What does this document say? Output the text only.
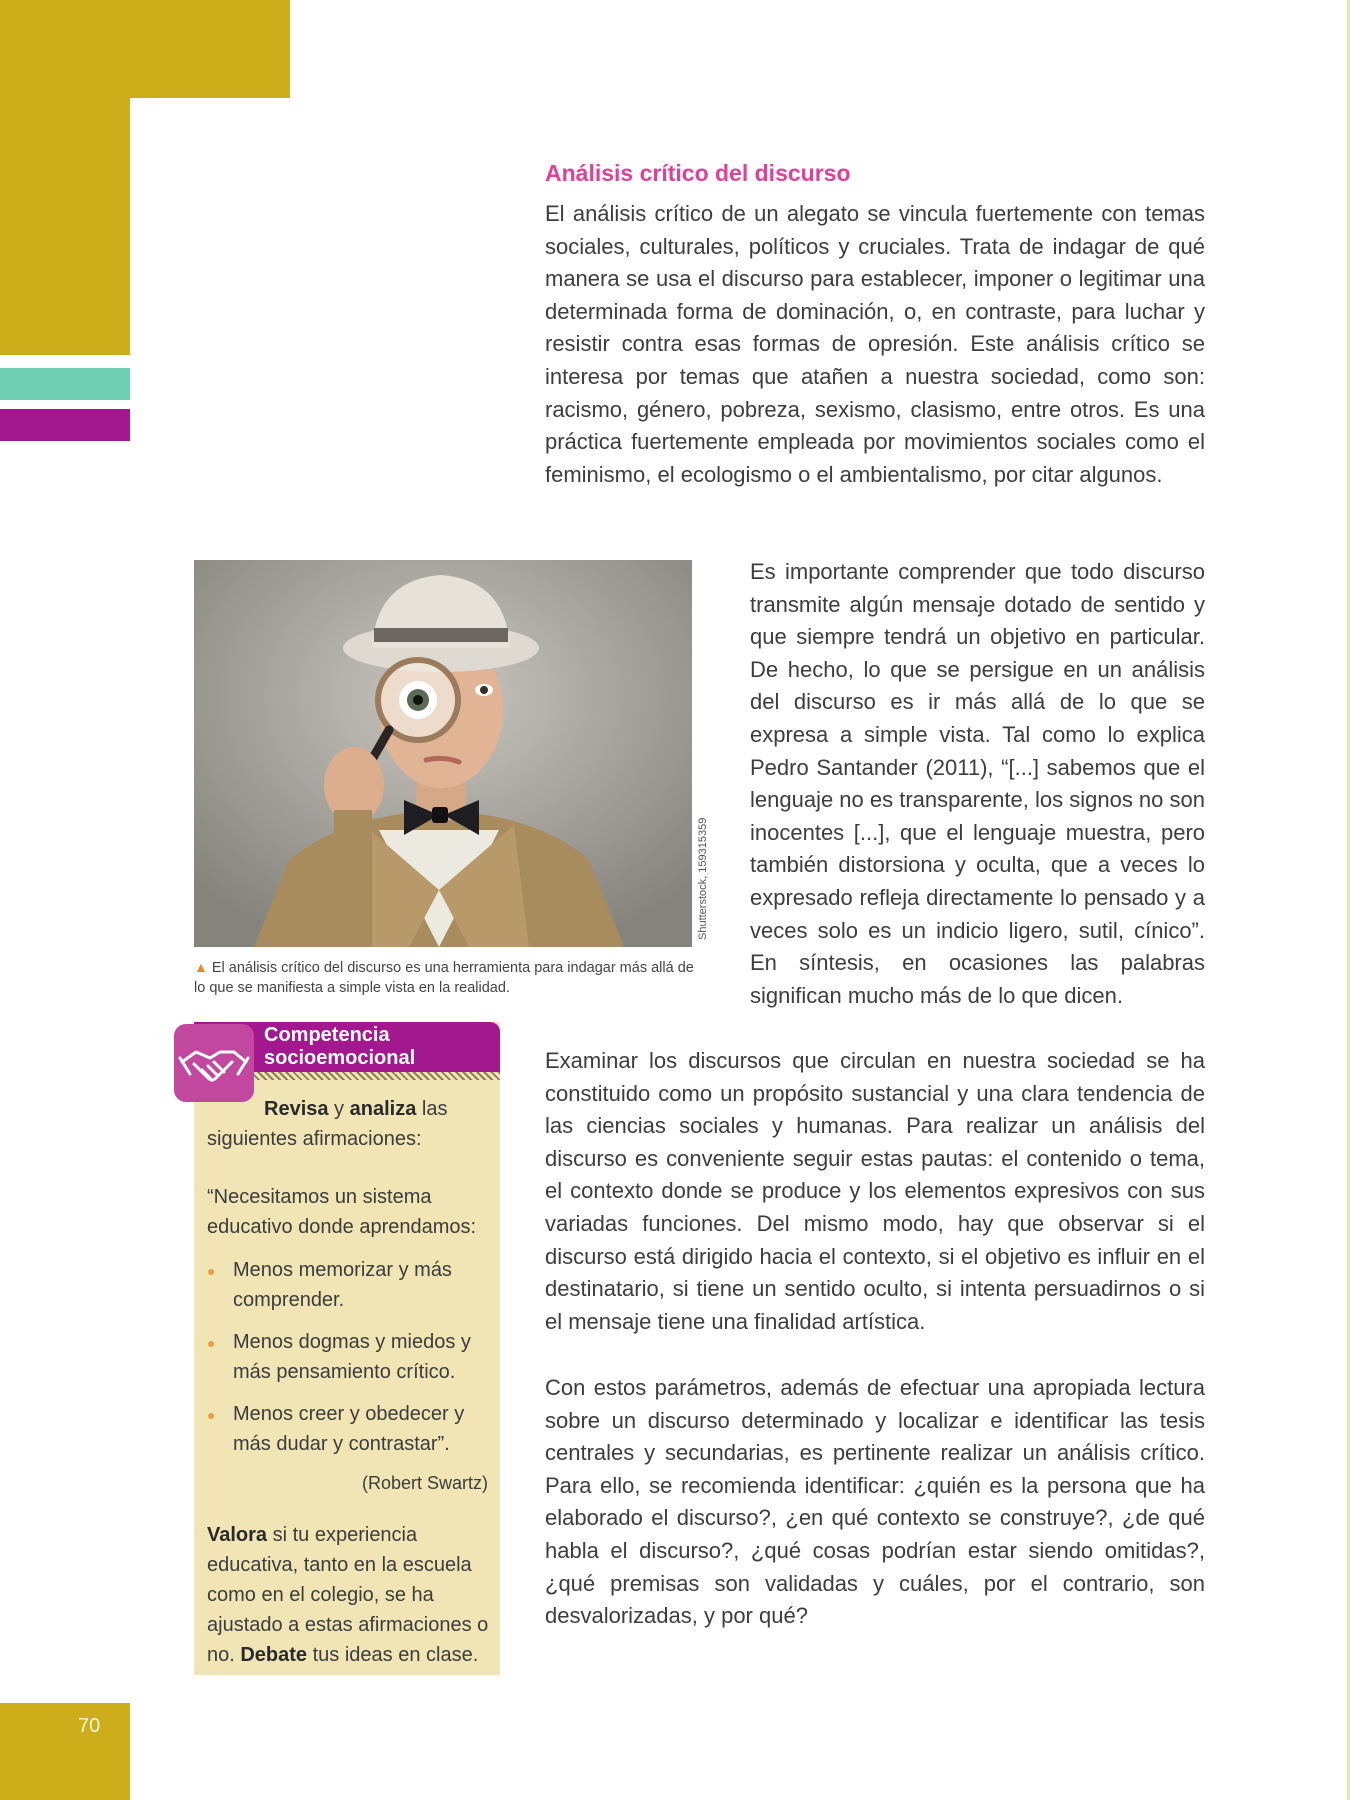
70
Análisis crítico del discurso

El análisis crítico de un alegato se vincula fuertemente con temas sociales, culturales, políticos y cruciales. Trata de indagar de qué manera se usa el discurso para establecer, imponer o legitimar una determinada forma de dominación, o, en contraste, para luchar y resistir contra esas formas de opresión. Este análisis crítico se interesa por temas que atañen a nuestra sociedad, como son: racismo, género, pobreza, sexismo, clasismo, entre otros. Es una práctica fuertemente empleada por movimientos sociales como el feminismo, el ecologismo o el ambientalismo, por citar algunos.

Shutterstock, 159315359

▲ El análisis crítico del discurso es una herramienta para indagar más allá de lo que se manifiesta a simple vista en la realidad.

Es importante comprender que todo discurso transmite algún mensaje dotado de sentido y que siempre tendrá un objetivo en particular. De hecho, lo que se persigue en un análisis del discurso es ir más allá de lo que se expresa a simple vista. Tal como lo explica Pedro Santander (2011), “[...] sabemos que el lenguaje no es transparente, los signos no son inocentes [...], que el lenguaje muestra, pero también distorsiona y oculta, que a veces lo expresado refleja directamente lo pensado y a veces solo es un indicio ligero, sutil, cínico”. En síntesis, en ocasiones las palabras significan mucho más de lo que dicen.

Examinar los discursos que circulan en nuestra sociedad se ha constituido como un propósito sustancial y una clara tendencia de las ciencias sociales y humanas. Para realizar un análisis del discurso es conveniente seguir estas pautas: el contenido o tema, el contexto donde se produce y los elementos expresivos con sus variadas funciones. Del mismo modo, hay que observar si el discurso está dirigido hacia el contexto, si el objetivo es influir en el destinatario, si tiene un sentido oculto, si intenta persuadirnos o si el mensaje tiene una finalidad artística.

Con estos parámetros, además de efectuar una apropiada lectura sobre un discurso determinado y localizar e identificar las tesis centrales y secundarias, es pertinente realizar un análisis crítico. Para ello, se recomienda identificar: ¿quién es la persona que ha elaborado el discurso?, ¿en qué contexto se construye?, ¿de qué habla el discurso?, ¿qué cosas podrían estar siendo omitidas?, ¿qué premisas son validadas y cuáles, por el contrario, son desvalorizadas, y por qué?

Competencia
socioemocional

Revisa y analiza las siguientes afirmaciones:

“Necesitamos un sistema educativo donde aprendamos:

Menos memorizar y más comprender.
Menos dogmas y miedos y más pensamiento crítico.
Menos creer y obedecer y más dudar y contrastar”.
(Robert Swartz)

Valora si tu experiencia educativa, tanto en la escuela como en el colegio, se ha ajustado a estas afirmaciones o no. Debate tus ideas en clase.
